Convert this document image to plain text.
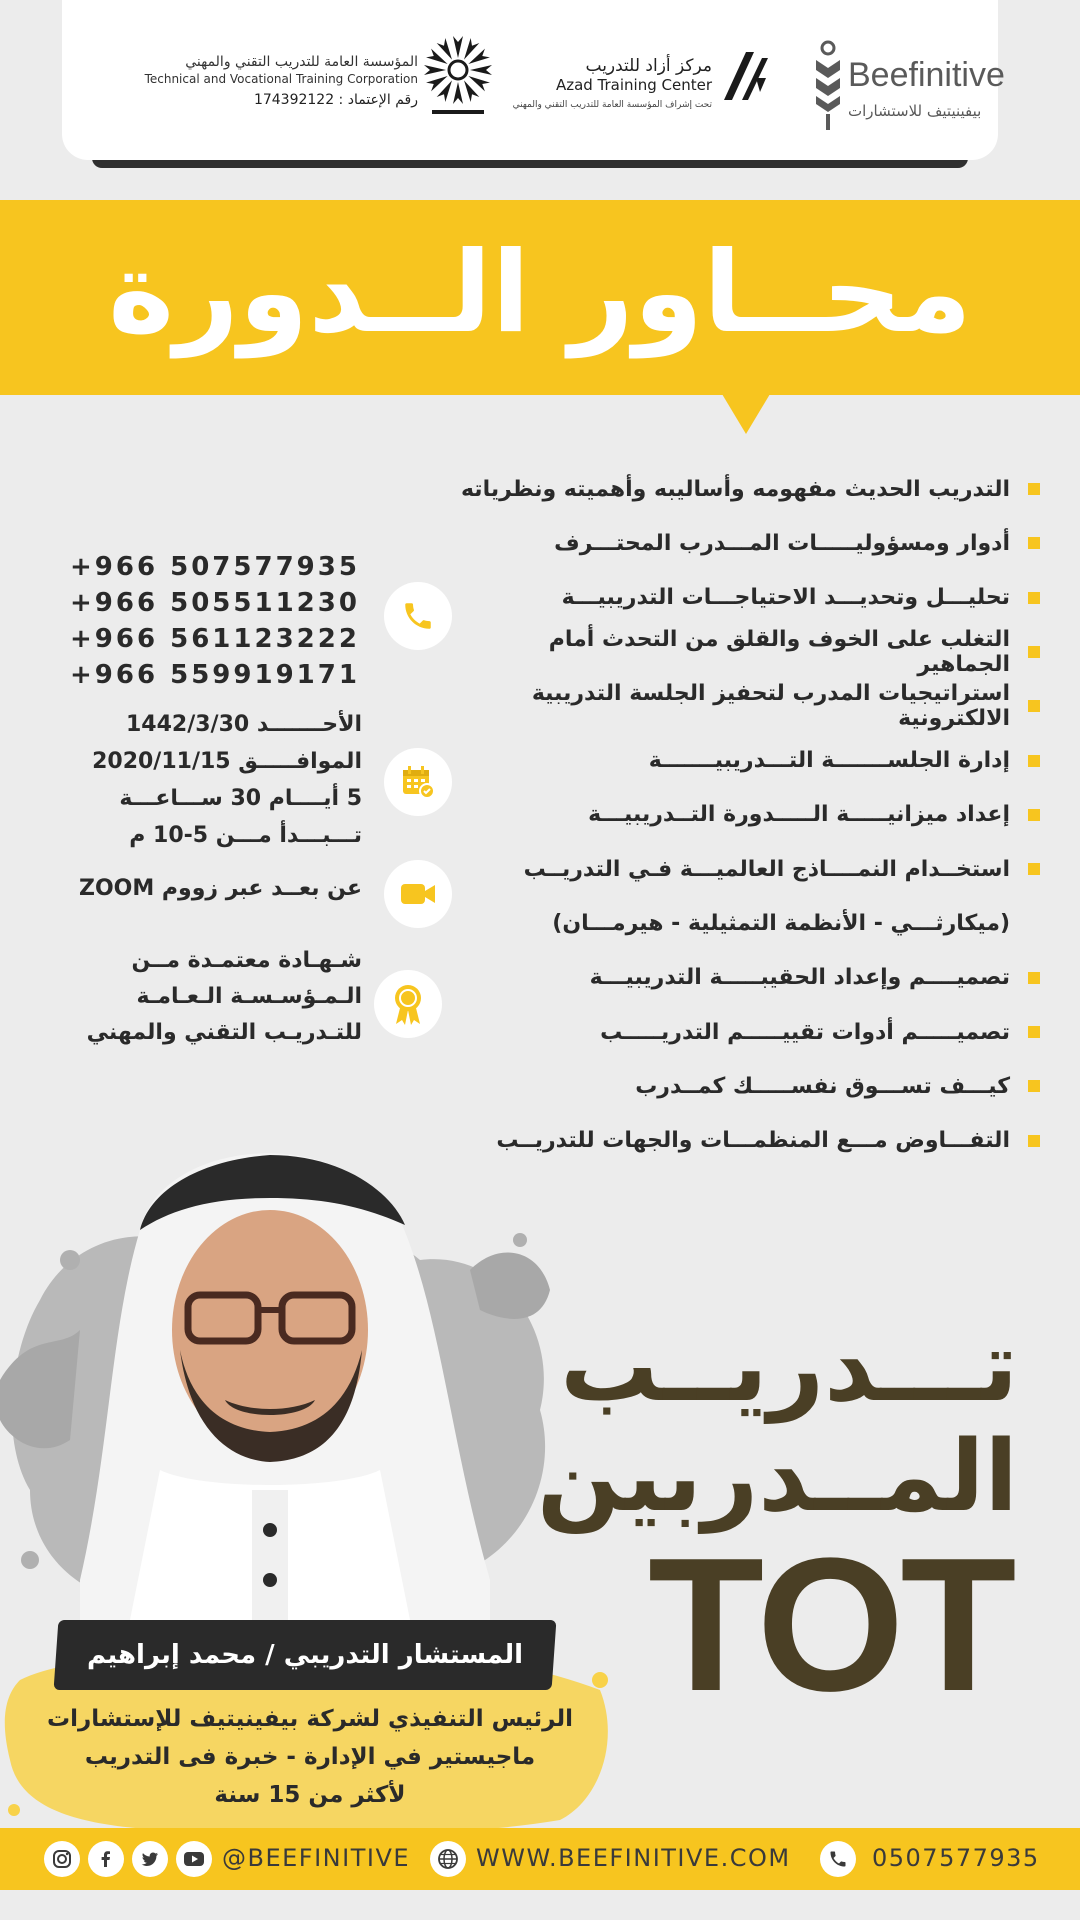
المؤسسة العامة للتدريب التقني والمهني
Technical and Vocational Training Corporation
رقم الإعتماد : 174392122
مركز أزاد للتدريب
Azad Training Center
تحت إشراف المؤسسة العامة للتدريب التقني والمهني
Beefinitive
بيفينيتيف للاستشارات
محــاور الــدورة
التدريب الحديث مفهومه وأساليبه وأهميته ونظرياته
أدوار ومسؤوليـــــات المـــدرب المحتـــرف
تحليـــل وتحديـــد الاحتياجـــات التدريبيـــة
التغلب على الخوف والقلق من التحدث أمام الجماهير
استراتيجيات المدرب لتحفيز الجلسة التدريبية الالكترونية
إدارة الجلســـــــة التـــدريبيـــــــة
إعداد ميزانيـــــة الـــــدورة التــدريبيـــة
استخــدام النمــــاذج العالميـــة فـي التدريــب
(ميكارثـــي - الأنظمة التمثيلية - هيرمـــان)
تصميــــم وإعداد الحقيبـــــة التدريبيـــة
تصميـــــم أدوات تقييـــــم التدريـــــب
كيـــف تســـوق نفســـــك كمــدرب
التفـــاوض مـــع المنظمـــات والجهات للتدريــب
+966 507577935
+966 505511230
+966 561123222
+966 559919171
الأحـــــــد 1442/3/30
الموافـــــق 2020/11/15
5 أيــــام 30 ســـاعـــة
تـــبـــدأ مـــن 5-10 م
عن بعــد عبر زووم ZOOM
شـهـادة معتمـدة مــن
الـمـؤسـسـة الـعـامـة
للتـدريـب التقني والمهني
تـــدريــب
المــدربين
TOT
المستشار التدريبي / محمد إبراهيم
الرئيس التنفيذي لشركة بيفينيتيف للإستشارات
ماجيستير في الإدارة - خبرة فى التدريب
لأكثر من 15 سنة
@BEEFINITIVE	WWW.BEEFINITIVE.COM	0507577935
